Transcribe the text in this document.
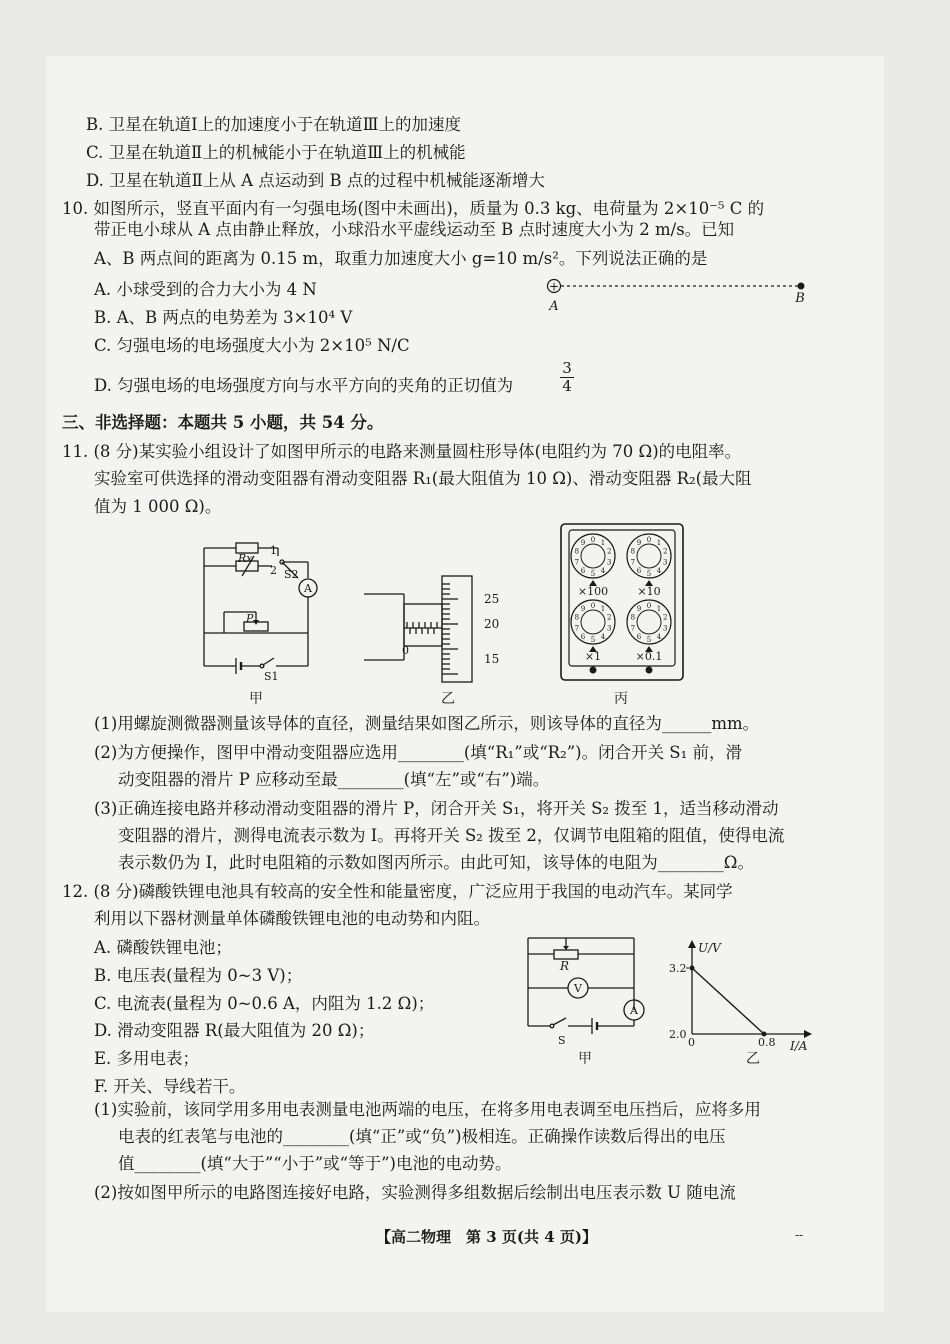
B. 卫星在轨道Ⅰ上的加速度小于在轨道Ⅲ上的加速度
C. 卫星在轨道Ⅱ上的机械能小于在轨道Ⅲ上的机械能
D. 卫星在轨道Ⅱ上从 A 点运动到 B 点的过程中机械能逐渐增大
10. 如图所示，竖直平面内有一匀强电场(图中未画出)，质量为 0.3 kg、电荷量为 2×10⁻⁵ C 的
带正电小球从 A 点由静止释放，小球沿水平虚线运动至 B 点时速度大小为 2 m/s。已知
A、B 两点间的距离为 0.15 m，取重力加速度大小 g=10 m/s²。下列说法正确的是
A. 小球受到的合力大小为 4 N
B. A、B 两点的电势差为 3×10⁴ V
C. 匀强电场的电场强度大小为 2×10⁵ N/C
D. 匀强电场的电场强度方向与水平方向的夹角的正切值为	$\frac{3}{4}$
+
A
B
三、非选择题：本题共 5 小题，共 54 分。
11. (8 分)某实验小组设计了如图甲所示的电路来测量圆柱形导体(电阻约为 70 Ω)的电阻率。
实验室可供选择的滑动变阻器有滑动变阻器 R₁(最大阻值为 10 Ω)、滑动变阻器 R₂(最大阻
值为 1 000 Ω)。
Rx
1
2 S2
A
P
S1
甲
25
20
15
0
乙
0 1
2
3
4
5
6
7
8
9	0 1
2
3
4
5
6
7
8
9
0 1
2
3
4
5
6
7
8
9	0 1
2
3
4
5
6
7
8
9
×100	×10
×1	×0.1
丙
(1)用螺旋测微器测量该导体的直径，测量结果如图乙所示，则该导体的直径为______mm。
(2)为方便操作，图甲中滑动变阻器应选用________(填“R₁”或“R₂”)。闭合开关 S₁ 前，滑
动变阻器的滑片 P 应移动至最________(填“左”或“右”)端。
(3)正确连接电路并移动滑动变阻器的滑片 P，闭合开关 S₁，将开关 S₂ 拨至 1，适当移动滑动
变阻器的滑片，测得电流表示数为 I。再将开关 S₂ 拨至 2，仅调节电阻箱的阻值，使得电流
表示数仍为 I，此时电阻箱的示数如图丙所示。由此可知，该导体的电阻为________Ω。
12. (8 分)磷酸铁锂电池具有较高的安全性和能量密度，广泛应用于我国的电动汽车。某同学
利用以下器材测量单体磷酸铁锂电池的电动势和内阻。
A. 磷酸铁锂电池；
B. 电压表(量程为 0~3 V)；
C. 电流表(量程为 0~0.6 A，内阻为 1.2 Ω)；
D. 滑动变阻器 R(最大阻值为 20 Ω)；
E. 多用电表；
F. 开关、导线若干。
R
V
A
S
甲
U/V
3.2
2.0
0	0.8 I/A
乙
(1)实验前，该同学用多用电表测量电池两端的电压，在将多用电表调至电压挡后，应将多用
电表的红表笔与电池的________(填“正”或“负”)极相连。正确操作读数后得出的电压
值________(填“大于”“小于”或“等于”)电池的电动势。
(2)按如图甲所示的电路图连接好电路，实验测得多组数据后绘制出电压表示数 U 随电流
【高二物理　第 3 页(共 4 页)】	--
